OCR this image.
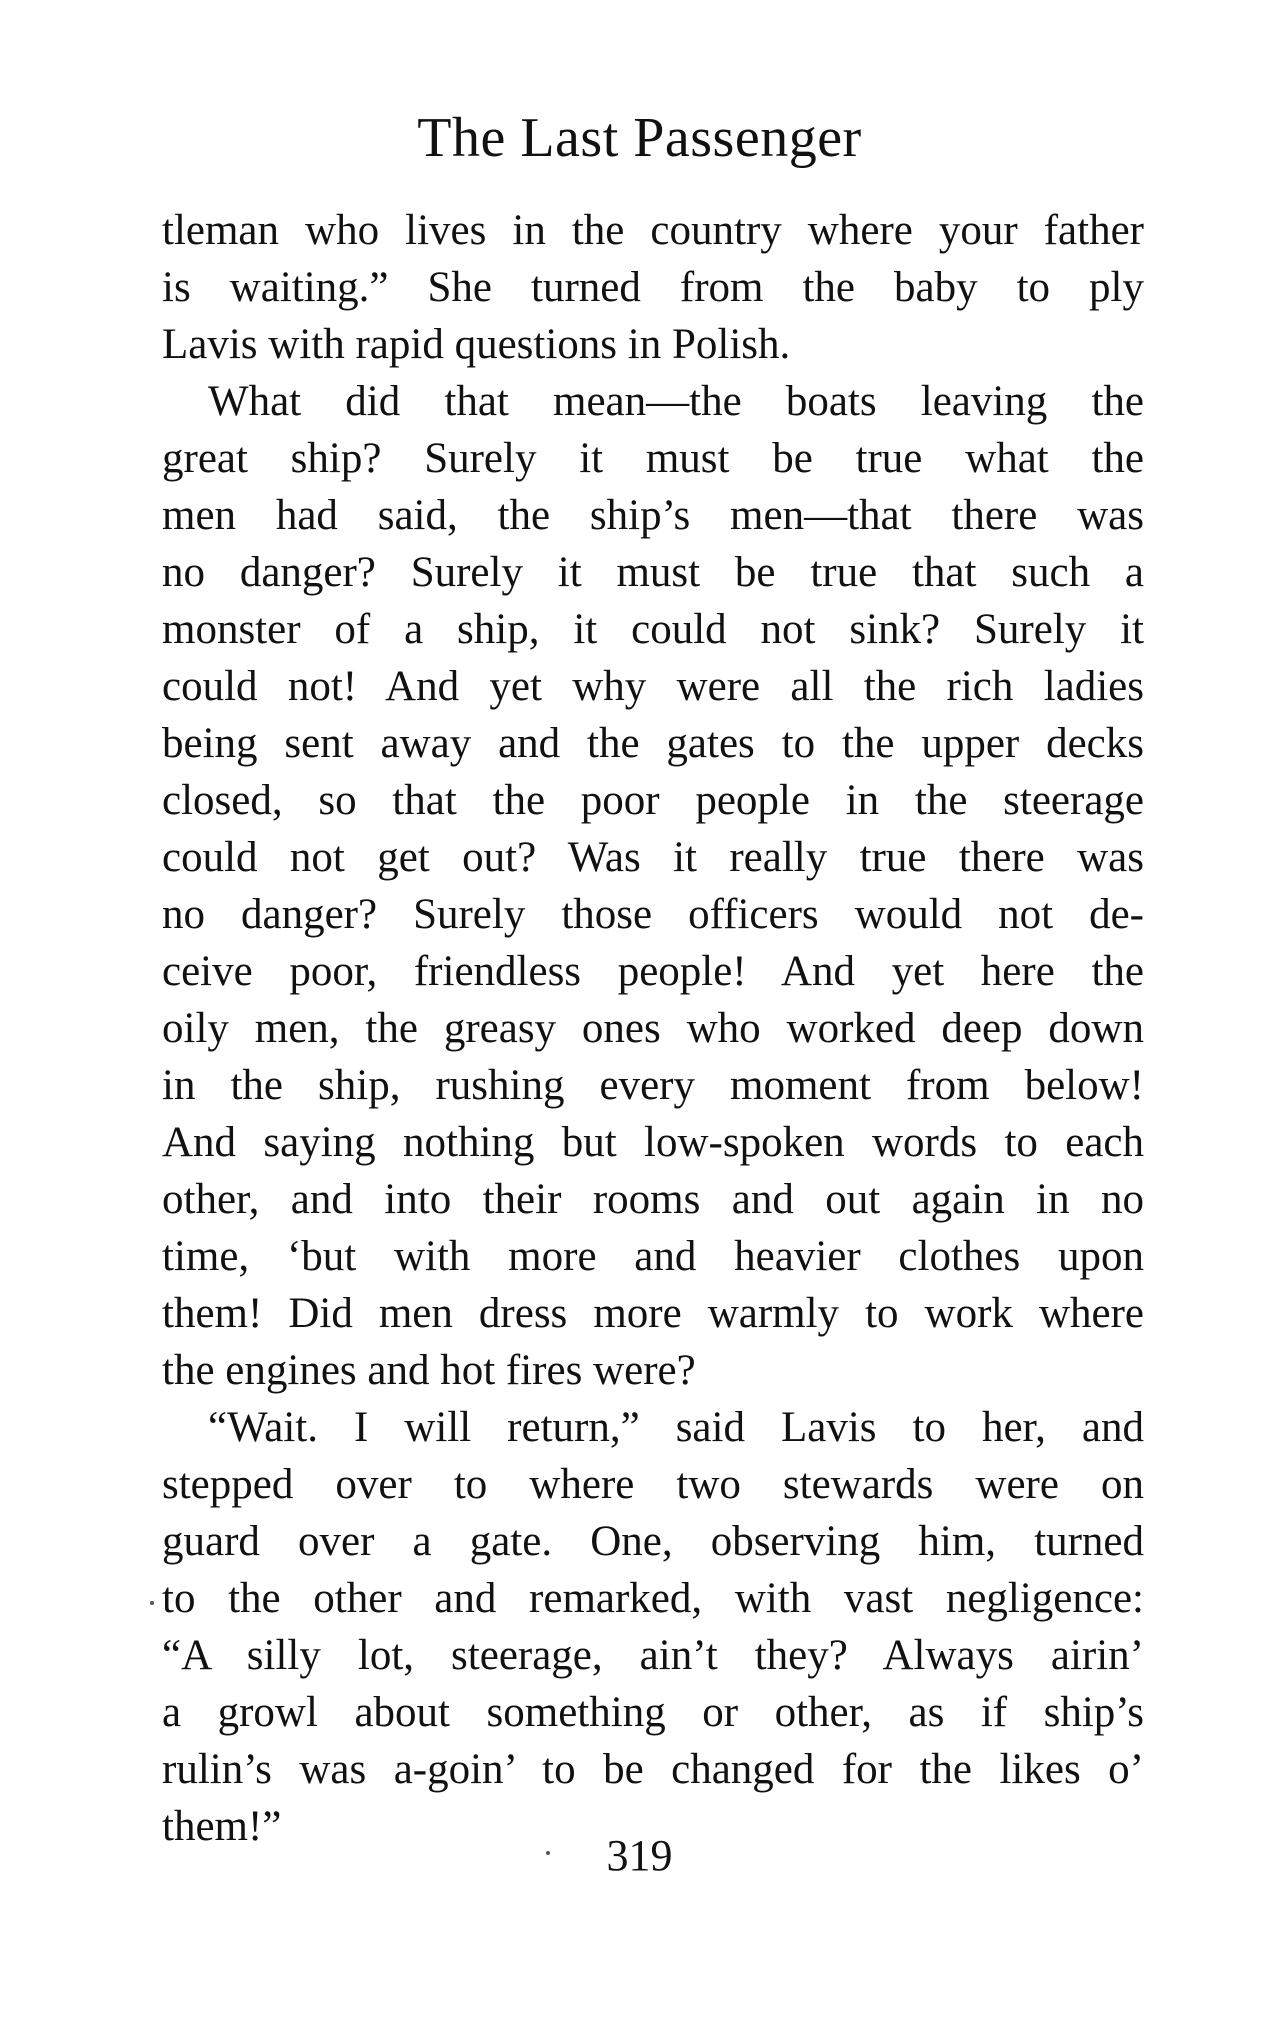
The Last Passenger
tleman who lives in the country where your father
is waiting.” She turned from the baby to ply
Lavis with rapid questions in Polish.
What did that mean—the boats leaving the
great ship? Surely it must be true what the
men had said, the ship’s men—that there was
no danger? Surely it must be true that such a
monster of a ship, it could not sink? Surely it
could not! And yet why were all the rich ladies
being sent away and the gates to the upper decks
closed, so that the poor people in the steerage
could not get out? Was it really true there was
no danger? Surely those officers would not de-
ceive poor, friendless people! And yet here the
oily men, the greasy ones who worked deep down
in the ship, rushing every moment from below!
And saying nothing but low-spoken words to each
other, and into their rooms and out again in no
time, ‘but with more and heavier clothes upon
them! Did men dress more warmly to work where
the engines and hot fires were?
“Wait. I will return,” said Lavis to her, and
stepped over to where two stewards were on
guard over a gate. One, observing him, turned
to the other and remarked, with vast negligence:
“A silly lot, steerage, ain’t they? Always airin’
a growl about something or other, as if ship’s
rulin’s was a-goin’ to be changed for the likes o’
them!”
319
